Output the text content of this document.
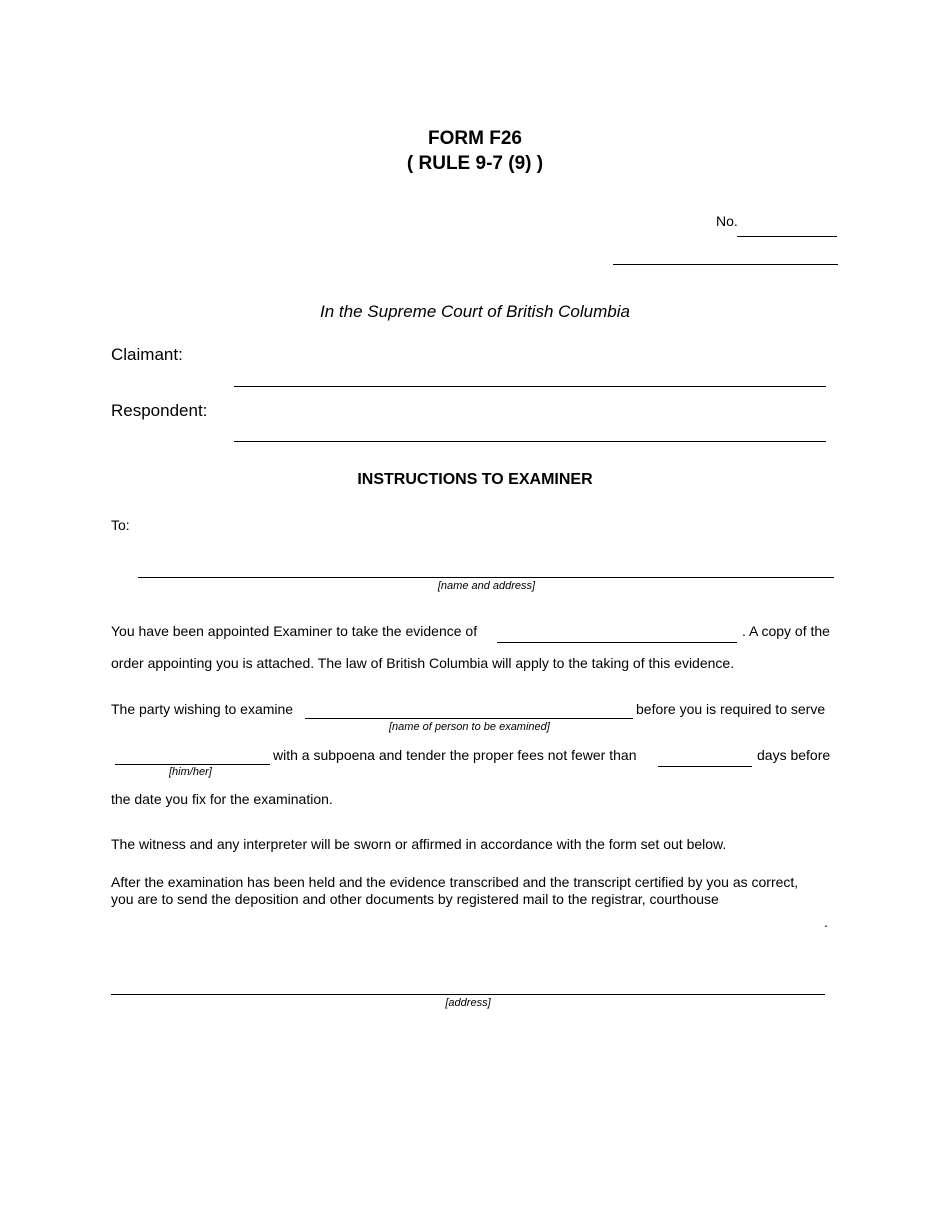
FORM F26
( RULE 9-7 (9) )
No.
In the Supreme Court of British Columbia
Claimant:
Respondent:
INSTRUCTIONS TO EXAMINER
To:
[name and address]
You have been appointed Examiner to take the evidence of	. A copy of the
order appointing you is attached. The law of British Columbia will apply to the taking of this evidence.
The party wishing to examine	before you is required to serve
[name of person to be examined]
[him/her]
with a subpoena and tender the proper fees not fewer than	days before
the date you fix for the examination.
The witness and any interpreter will be sworn or affirmed in accordance with the form set out below.
After the examination has been held and the evidence transcribed and the transcript certified by you as correct,
you are to send the deposition and other documents by registered mail to the registrar, courthouse
.
[address]
